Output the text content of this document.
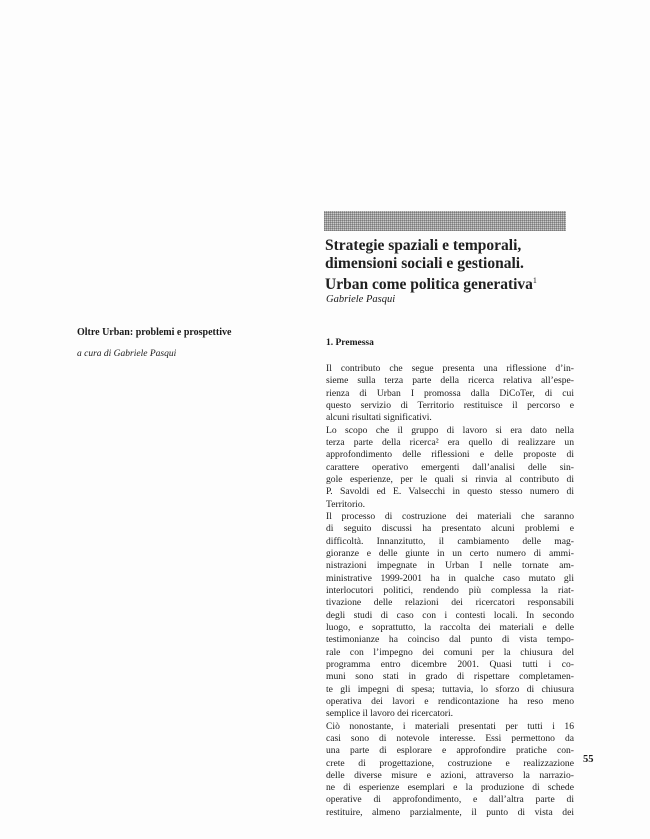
Strategie spaziali e temporali,
dimensioni sociali e gestionali.
Urban come politica generativa$^1$
Gabriele Pasqui
Oltre Urban: problemi e prospettive
a cura di Gabriele Pasqui
1. Premessa
Il contributo che segue presenta una riflessione d’in-
sieme sulla terza parte della ricerca relativa all’espe-
rienza di Urban I promossa dalla DiCoTer, di cui
questo servizio di Territorio restituisce il percorso e
alcuni risultati significativi.
Lo scopo che il gruppo di lavoro si era dato nella
terza parte della ricerca² era quello di realizzare un
approfondimento delle riflessioni e delle proposte di
carattere operativo emergenti dall’analisi delle sin-
gole esperienze, per le quali si rinvia al contributo di
P. Savoldi ed E. Valsecchi in questo stesso numero di
Territorio.
Il processo di costruzione dei materiali che saranno
di seguito discussi ha presentato alcuni problemi e
difficoltà. Innanzitutto, il cambiamento delle mag-
gioranze e delle giunte in un certo numero di ammi-
nistrazioni impegnate in Urban I nelle tornate am-
ministrative 1999-2001 ha in qualche caso mutato gli
interlocutori politici, rendendo più complessa la riat-
tivazione delle relazioni dei ricercatori responsabili
degli studi di caso con i contesti locali. In secondo
luogo, e soprattutto, la raccolta dei materiali e delle
testimonianze ha coinciso dal punto di vista tempo-
rale con l’impegno dei comuni per la chiusura del
programma entro dicembre 2001. Quasi tutti i co-
muni sono stati in grado di rispettare completamen-
te gli impegni di spesa; tuttavia, lo sforzo di chiusura
operativa dei lavori e rendicontazione ha reso meno
semplice il lavoro dei ricercatori.
Ciò nonostante, i materiali presentati per tutti i 16
casi sono di notevole interesse. Essi permettono da
una parte di esplorare e approfondire pratiche con-
crete di progettazione, costruzione e realizzazione
delle diverse misure e azioni, attraverso la narrazio-
ne di esperienze esemplari e la produzione di schede
operative di approfondimento, e dall’altra parte di
restituire, almeno parzialmente, il punto di vista dei
55
